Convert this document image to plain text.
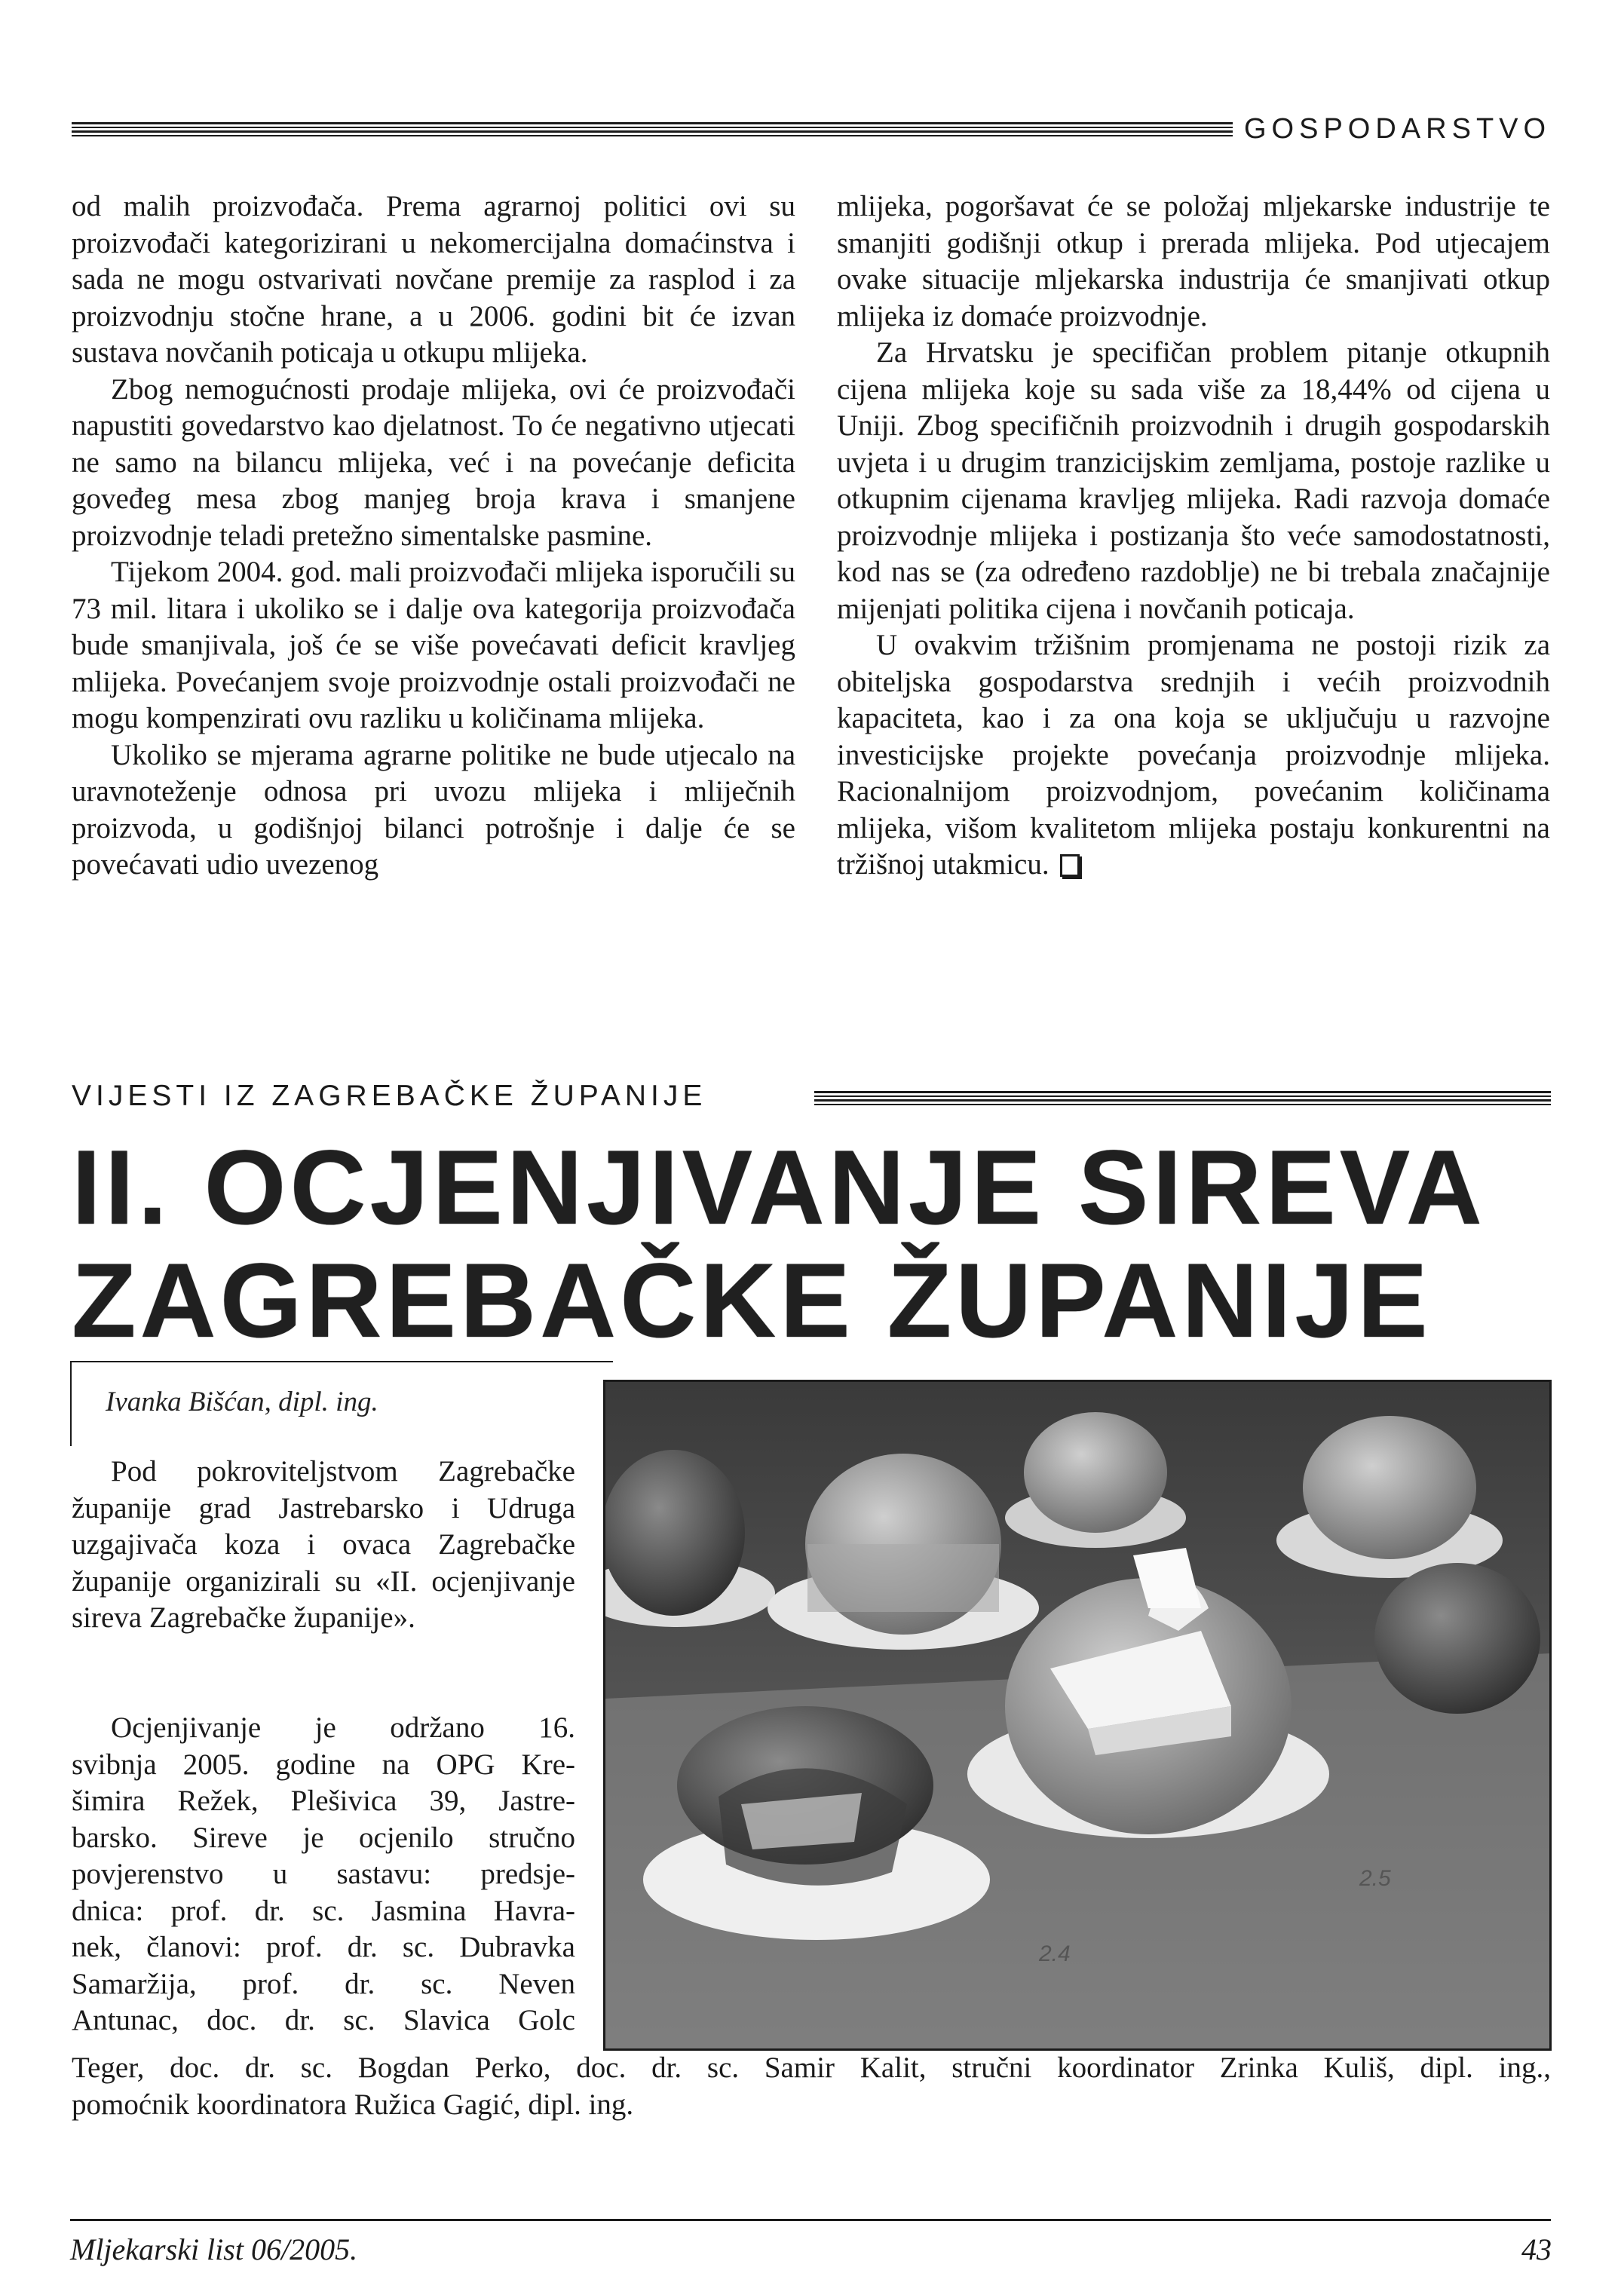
GOSPODARSTVO

od malih proizvođača. Prema agrarnoj politici ovi su proizvođači kategorizirani u nekomercijalna domaćinstva i sada ne mogu ostvarivati novčane premije za rasplod i za proizvodnju stočne hrane, a u 2006. godini bit će izvan sustava novčanih poticaja u otkupu mlijeka.

Zbog nemogućnosti prodaje mlijeka, ovi će proizvođači napustiti govedarstvo kao djelatnost. To će negativno utjecati ne samo na bilancu mlijeka, već i na povećanje deficita goveđeg mesa zbog manjeg broja krava i smanjene proizvodnje teladi pretežno simentalske pasmine.

Tijekom 2004. god. mali proizvođači mlijeka isporučili su 73 mil. litara i ukoliko se i dalje ova kategorija proizvođača bude smanjivala, još će se više povećavati deficit kravljeg mlijeka. Povećanjem svoje proizvodnje ostali proizvođači ne mogu kompenzirati ovu razliku u količinama mlijeka.

Ukoliko se mjerama agrarne politike ne bude utjecalo na uravnoteženje odnosa pri uvozu mlijeka i mliječnih proizvoda, u godišnjoj bilanci potrošnje i dalje će se povećavati udio uvezenog

mlijeka, pogoršavat će se položaj mljekarske industrije te smanjiti godišnji otkup i prerada mlijeka. Pod utjecajem ovake situacije mljekarska industrija će smanjivati otkup mlijeka iz domaće proizvodnje.

Za Hrvatsku je specifičan problem pitanje otkupnih cijena mlijeka koje su sada više za 18,44% od cijena u Uniji. Zbog specifičnih proizvodnih i drugih gospodarskih uvjeta i u drugim tranzicijskim zemljama, postoje razlike u otkupnim cijenama kravljeg mlijeka. Radi razvoja domaće proizvodnje mlijeka i postizanja što veće samodostatnosti, kod nas se (za određeno razdoblje) ne bi trebala značajnije mijenjati politika cijena i novčanih poticaja.

U ovakvim tržišnim promjenama ne postoji rizik za obiteljska gospodarstva srednjih i većih proizvodnih kapaciteta, kao i za ona koja se uključuju u razvojne investicijske projekte povećanja proizvodnje mlijeka. Racionalnijom proizvodnjom, povećanim količinama mlijeka, višom kvalitetom mlijeka postaju konkurentni na tržišnoj utakmicu.

VIJESTI IZ ZAGREBAČKE ŽUPANIJE
II. OCJENJIVANJE SIREVA
ZAGREBAČKE ŽUPANIJE
Ivanka Bišćan, dipl. ing.

Pod pokroviteljstvom Zagrebačke županije grad Jastrebarsko i Udruga uzgajivača koza i ovaca Zagrebačke županije organizirali su «II. ocjenjivanje sireva Zagrebačke županije».

Ocjenjivanje je održano 16.
svibnja 2005. godine na OPG Kre-
šimira Režek, Plešivica 39, Jastre-
barsko. Sireve je ocjenilo stručno
povjerenstvo u sastavu: predsje-
dnica: prof. dr. sc. Jasmina Havra-
nek, članovi: prof. dr. sc. Dubravka
Samaržija, prof. dr. sc. Neven
Antunac, doc. dr. sc. Slavica Golc
2.5
2.4
Teger, doc. dr. sc. Bogdan Perko, doc. dr. sc. Samir Kalit, stručni koordinator Zrinka Kuliš, dipl. ing.,
pomoćnik koordinatora Ružica Gagić, dipl. ing.
Mljekarski list 06/2005.	43
